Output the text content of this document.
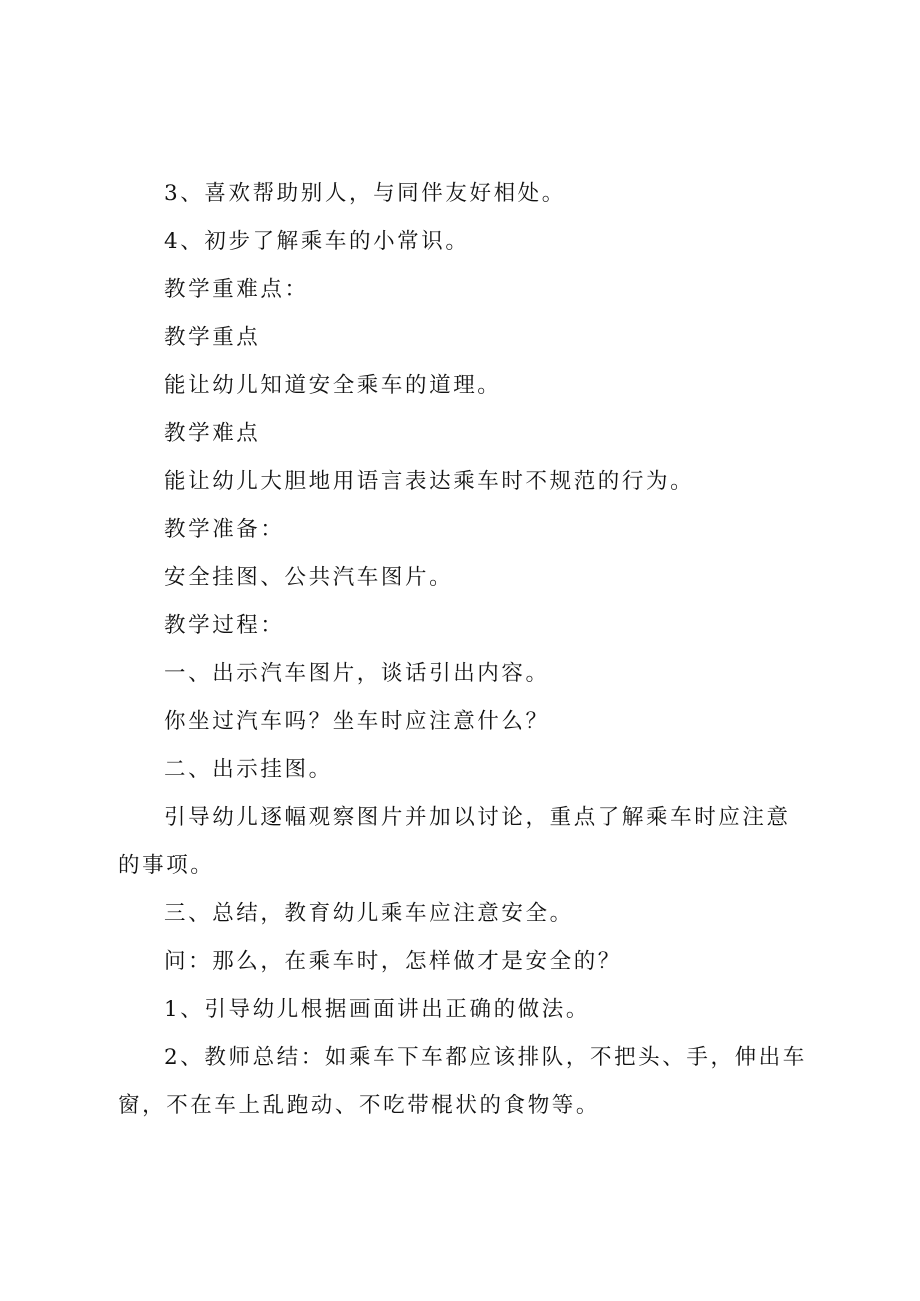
3、喜欢帮助别人，与同伴友好相处。

4、初步了解乘车的小常识。

教学重难点：

教学重点

能让幼儿知道安全乘车的道理。

教学难点

能让幼儿大胆地用语言表达乘车时不规范的行为。

教学准备：

安全挂图、公共汽车图片。

教学过程：

一、出示汽车图片，谈话引出内容。

你坐过汽车吗？坐车时应注意什么？

二、出示挂图。

引导幼儿逐幅观察图片并加以讨论，重点了解乘车时应注意的事项。

三、总结，教育幼儿乘车应注意安全。

问：那么，在乘车时，怎样做才是安全的？

1、引导幼儿根据画面讲出正确的做法。

2、教师总结：如乘车下车都应该排队，不把头、手，伸出车窗，不在车上乱跑动、不吃带棍状的食物等。
